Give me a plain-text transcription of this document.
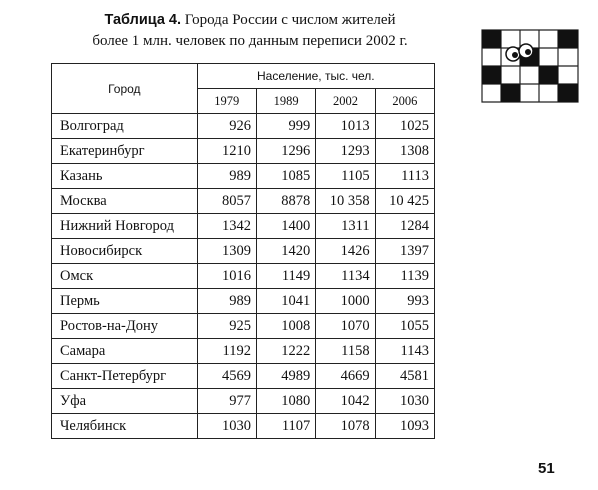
Таблица 4. Города России с числом жителей
более 1 млн. человек по данным переписи 2002 г.
Город	Население, тыс. чел.			
	1979	1989	2002	2006
Волгоград	926	999	1013	1025
Екатеринбург	1210	1296	1293	1308
Казань	989	1085	1105	1113
Москва	8057	8878	10 358	10 425
Нижний Новгород	1342	1400	1311	1284
Новосибирск	1309	1420	1426	1397
Омск	1016	1149	1134	1139
Пермь	989	1041	1000	993
Ростов-на-Дону	925	1008	1070	1055
Самара	1192	1222	1158	1143
Санкт-Петербург	4569	4989	4669	4581
Уфа	977	1080	1042	1030
Челябинск	1030	1107	1078	1093
51
